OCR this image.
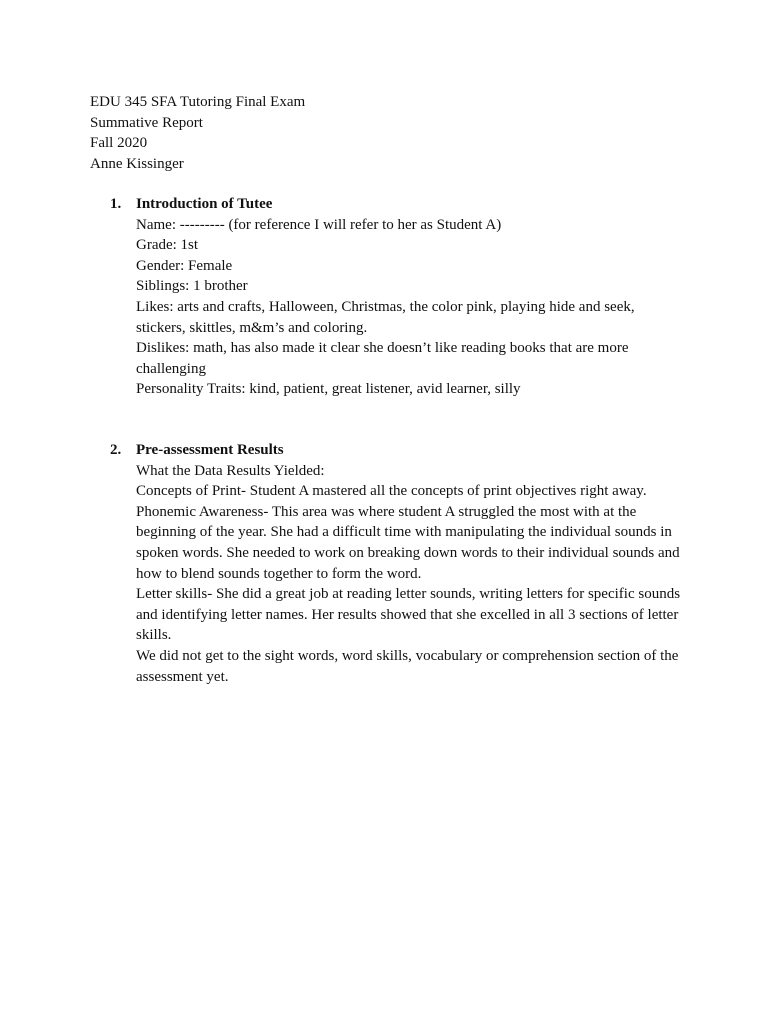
EDU 345 SFA Tutoring Final Exam
Summative Report
Fall 2020
Anne Kissinger
1. Introduction of Tutee

Name: --------- (for reference I will refer to her as Student A)

Grade: 1st

Gender: Female

Siblings: 1 brother

Likes: arts and crafts, Halloween, Christmas, the color pink, playing hide and seek, stickers, skittles, m&m’s and coloring.

Dislikes: math, has also made it clear she doesn’t like reading books that are more challenging

Personality Traits: kind, patient, great listener, avid learner, silly

2. Pre-assessment Results

What the Data Results Yielded:

Concepts of Print- Student A mastered all the concepts of print objectives right away.

Phonemic Awareness- This area was where student A struggled the most with at the beginning of the year. She had a difficult time with manipulating the individual sounds in spoken words. She needed to work on breaking down words to their individual sounds and how to blend sounds together to form the word.

Letter skills- She did a great job at reading letter sounds, writing letters for specific sounds and identifying letter names. Her results showed that she excelled in all 3 sections of letter skills.

We did not get to the sight words, word skills, vocabulary or comprehension section of the assessment yet.
